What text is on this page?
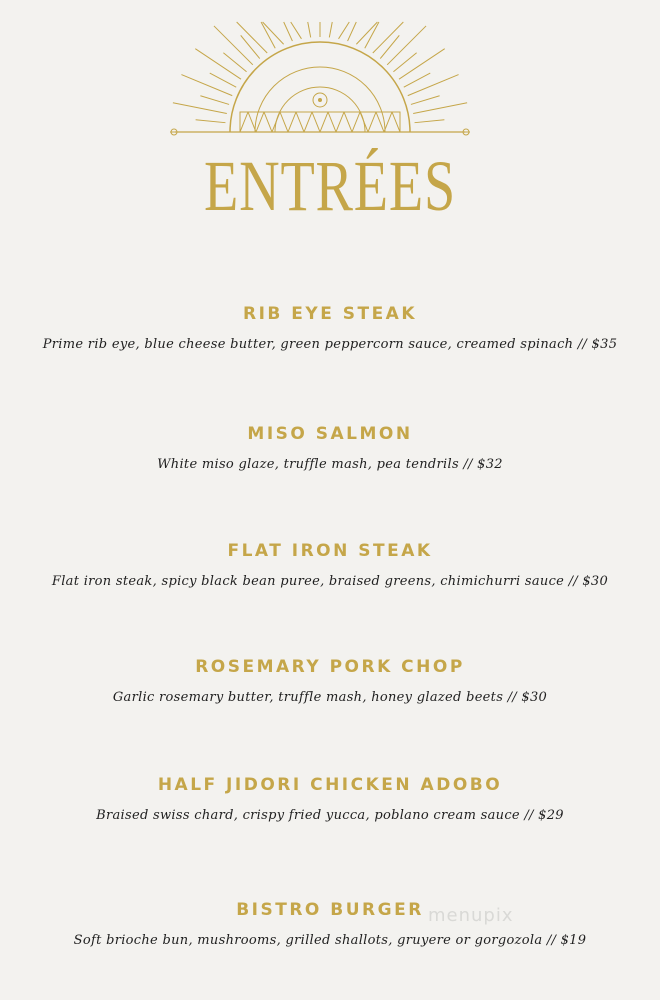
ENTRÉES
RIB EYE STEAK
Prime rib eye, blue cheese butter, green peppercorn sauce, creamed spinach // $35
MISO SALMON
White miso glaze, truffle mash, pea tendrils // $32
FLAT IRON STEAK
Flat iron steak, spicy black bean puree, braised greens, chimichurri sauce // $30
ROSEMARY PORK CHOP
Garlic rosemary butter, truffle mash, honey glazed beets // $30
HALF JIDORI CHICKEN ADOBO
Braised swiss chard, crispy fried yucca, poblano cream sauce // $29
BISTRO BURGER
Soft brioche bun, mushrooms, grilled shallots, gruyere or gorgozola // $19
menupix
